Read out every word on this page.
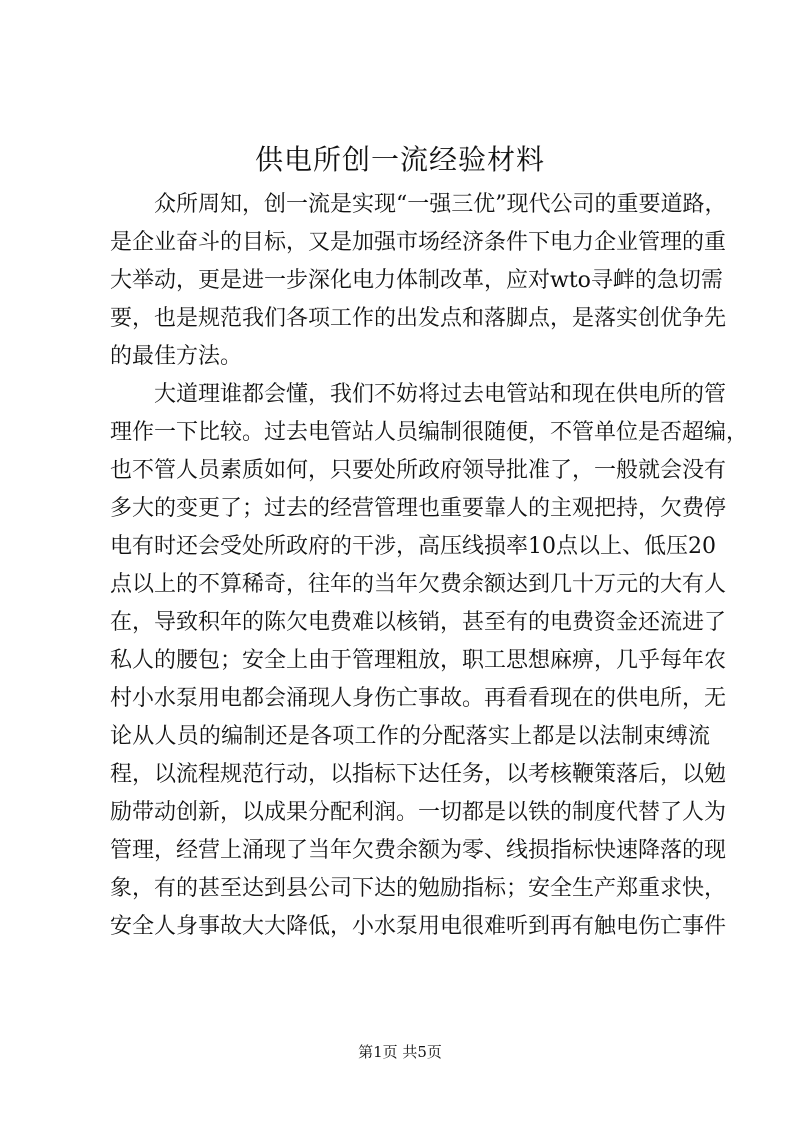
供电所创一流经验材料
众所周知，创一流是实现“一强三优”现代公司的重要道路，
是企业奋斗的目标，又是加强市场经济条件下电力企业管理的重
大举动，更是进一步深化电力体制改革，应对wto寻衅的急切需
要，也是规范我们各项工作的出发点和落脚点，是落实创优争先
的最佳方法。
大道理谁都会懂，我们不妨将过去电管站和现在供电所的管
理作一下比较。过去电管站人员编制很随便，不管单位是否超编，
也不管人员素质如何，只要处所政府领导批准了，一般就会没有
多大的变更了；过去的经营管理也重要靠人的主观把持，欠费停
电有时还会受处所政府的干涉，高压线损率10点以上、低压20
点以上的不算稀奇，往年的当年欠费余额达到几十万元的大有人
在，导致积年的陈欠电费难以核销，甚至有的电费资金还流进了
私人的腰包；安全上由于管理粗放，职工思想麻痹，几乎每年农
村小水泵用电都会涌现人身伤亡事故。再看看现在的供电所，无
论从人员的编制还是各项工作的分配落实上都是以法制束缚流
程，以流程规范行动，以指标下达任务，以考核鞭策落后，以勉
励带动创新，以成果分配利润。一切都是以铁的制度代替了人为
管理，经营上涌现了当年欠费余额为零、线损指标快速降落的现
象，有的甚至达到县公司下达的勉励指标；安全生产郑重求快，
安全人身事故大大降低，小水泵用电很难听到再有触电伤亡事件
第1页 共5页
